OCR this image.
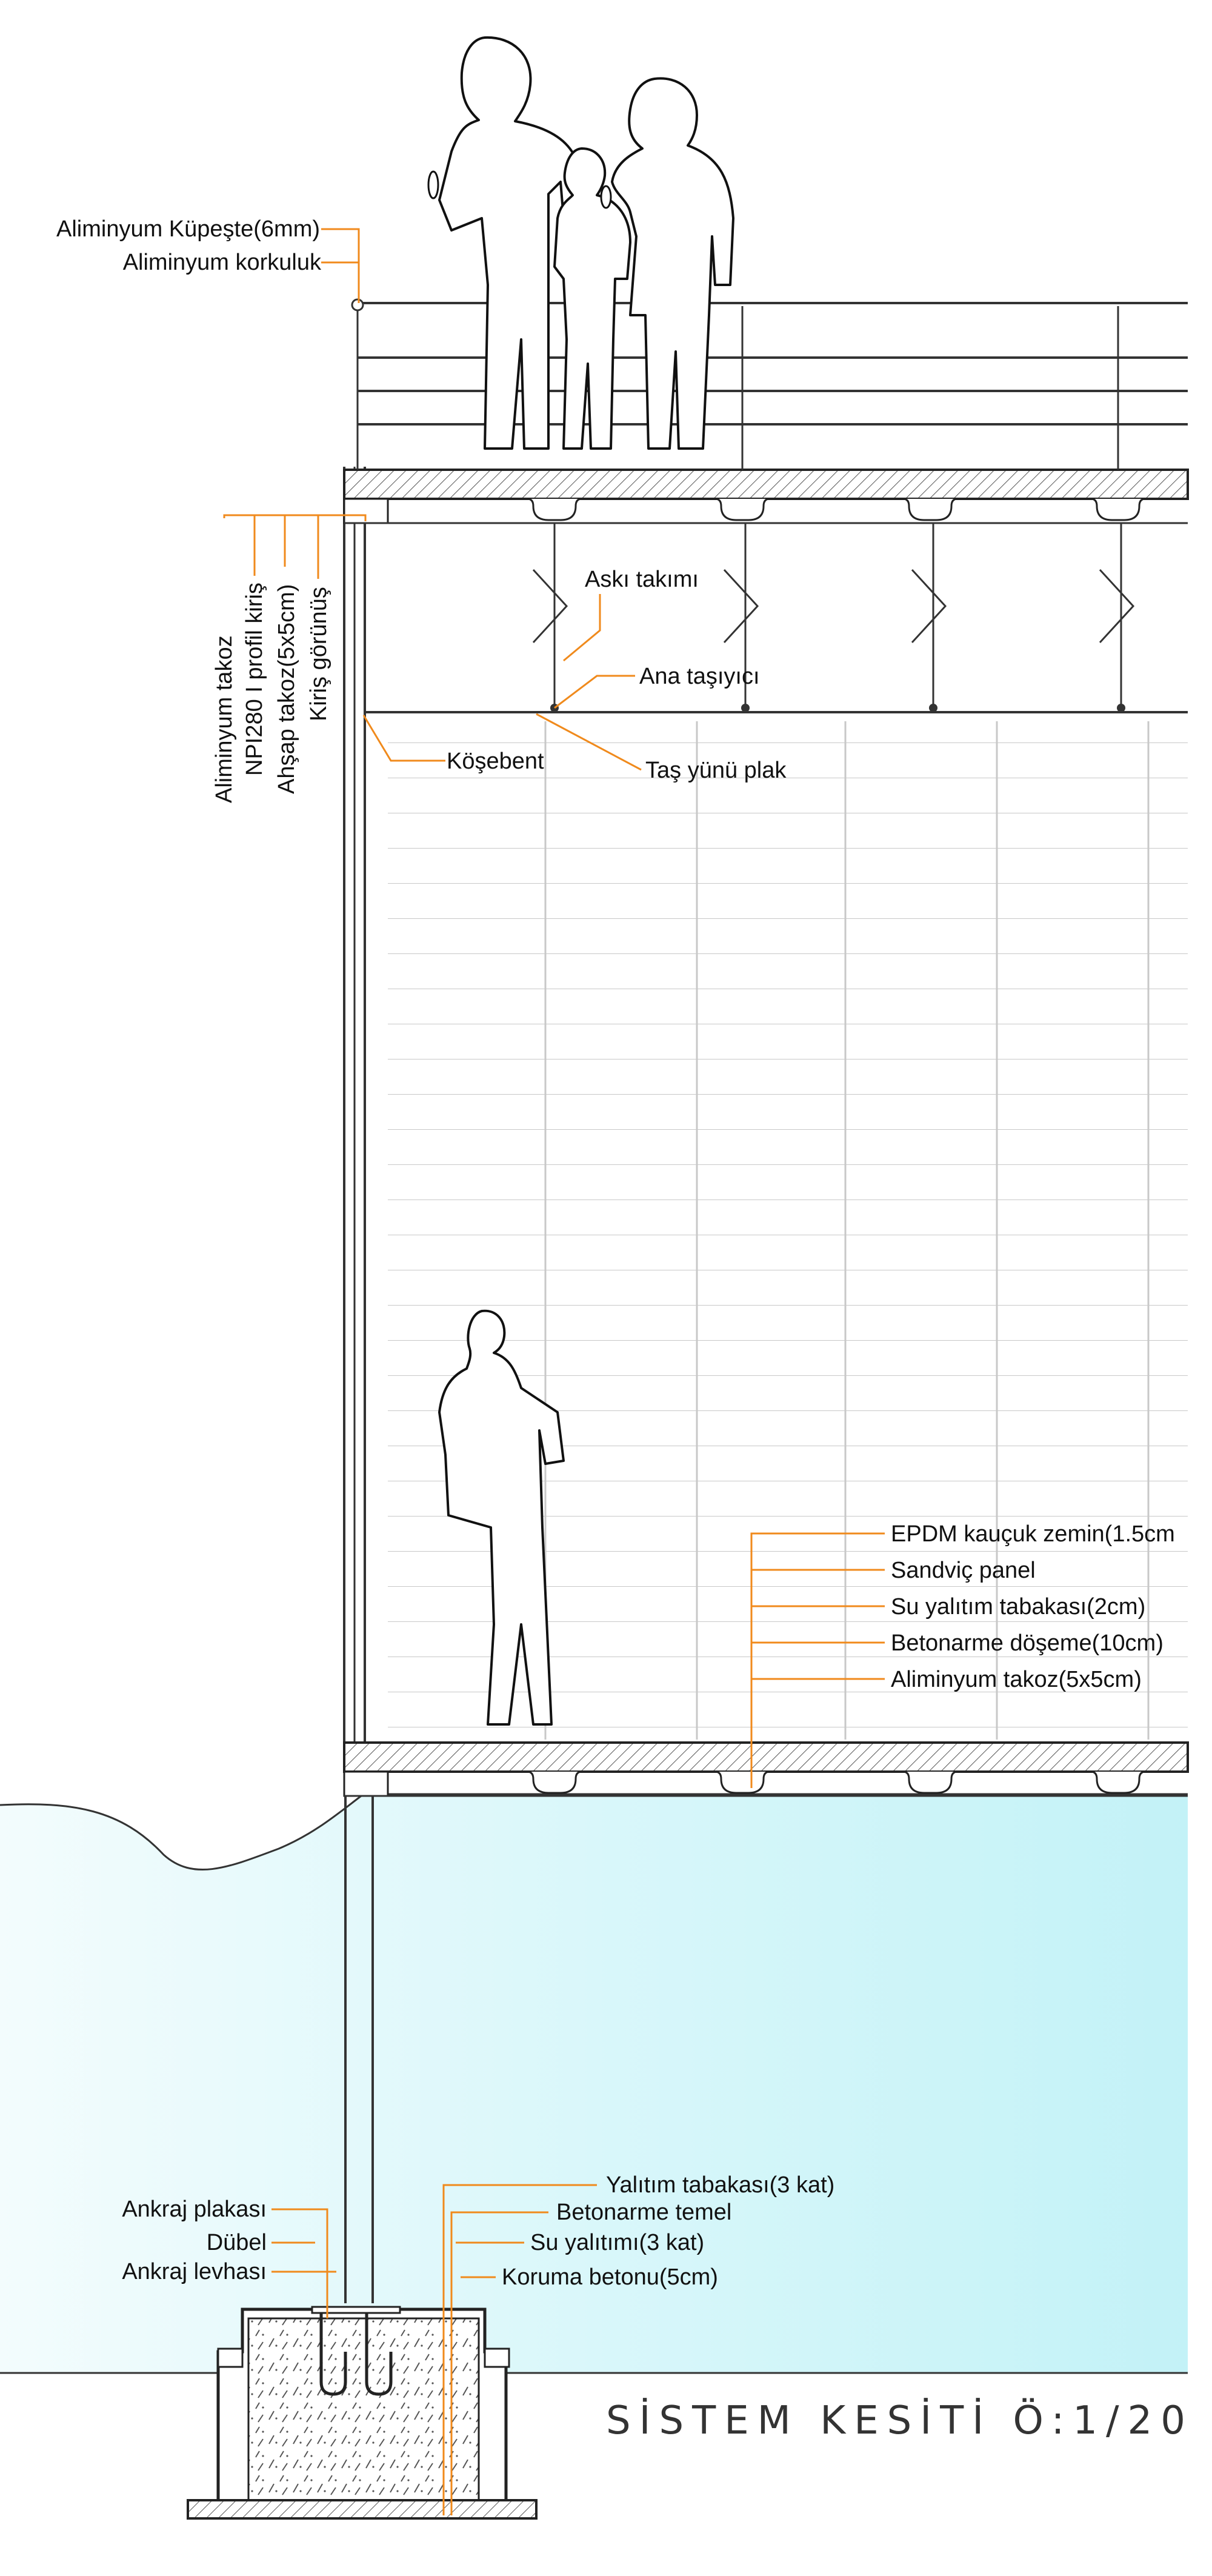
Aliminyum Küpeşte(6mm)
Aliminyum korkuluk
Aliminyum takoz NPI280 I profil kiriş Ahşap takoz(5x5cm) Kiriş görünüş
Askı takımı
Ana taşıyıcı
Köşebent	Taş yünü plak
EPDM kauçuk zemin(1.5cm
Sandviç panel
Su yalıtım tabakası(2cm)
Betonarme döşeme(10cm)
Aliminyum takoz(5x5cm)
Ankraj plakası
Dübel
Ankraj levhası
Yalıtım tabakası(3 kat)
Betonarme temel
Su yalıtımı(3 kat)
Koruma betonu(5cm)
SİSTEM KESİTİ Ö:1/20
